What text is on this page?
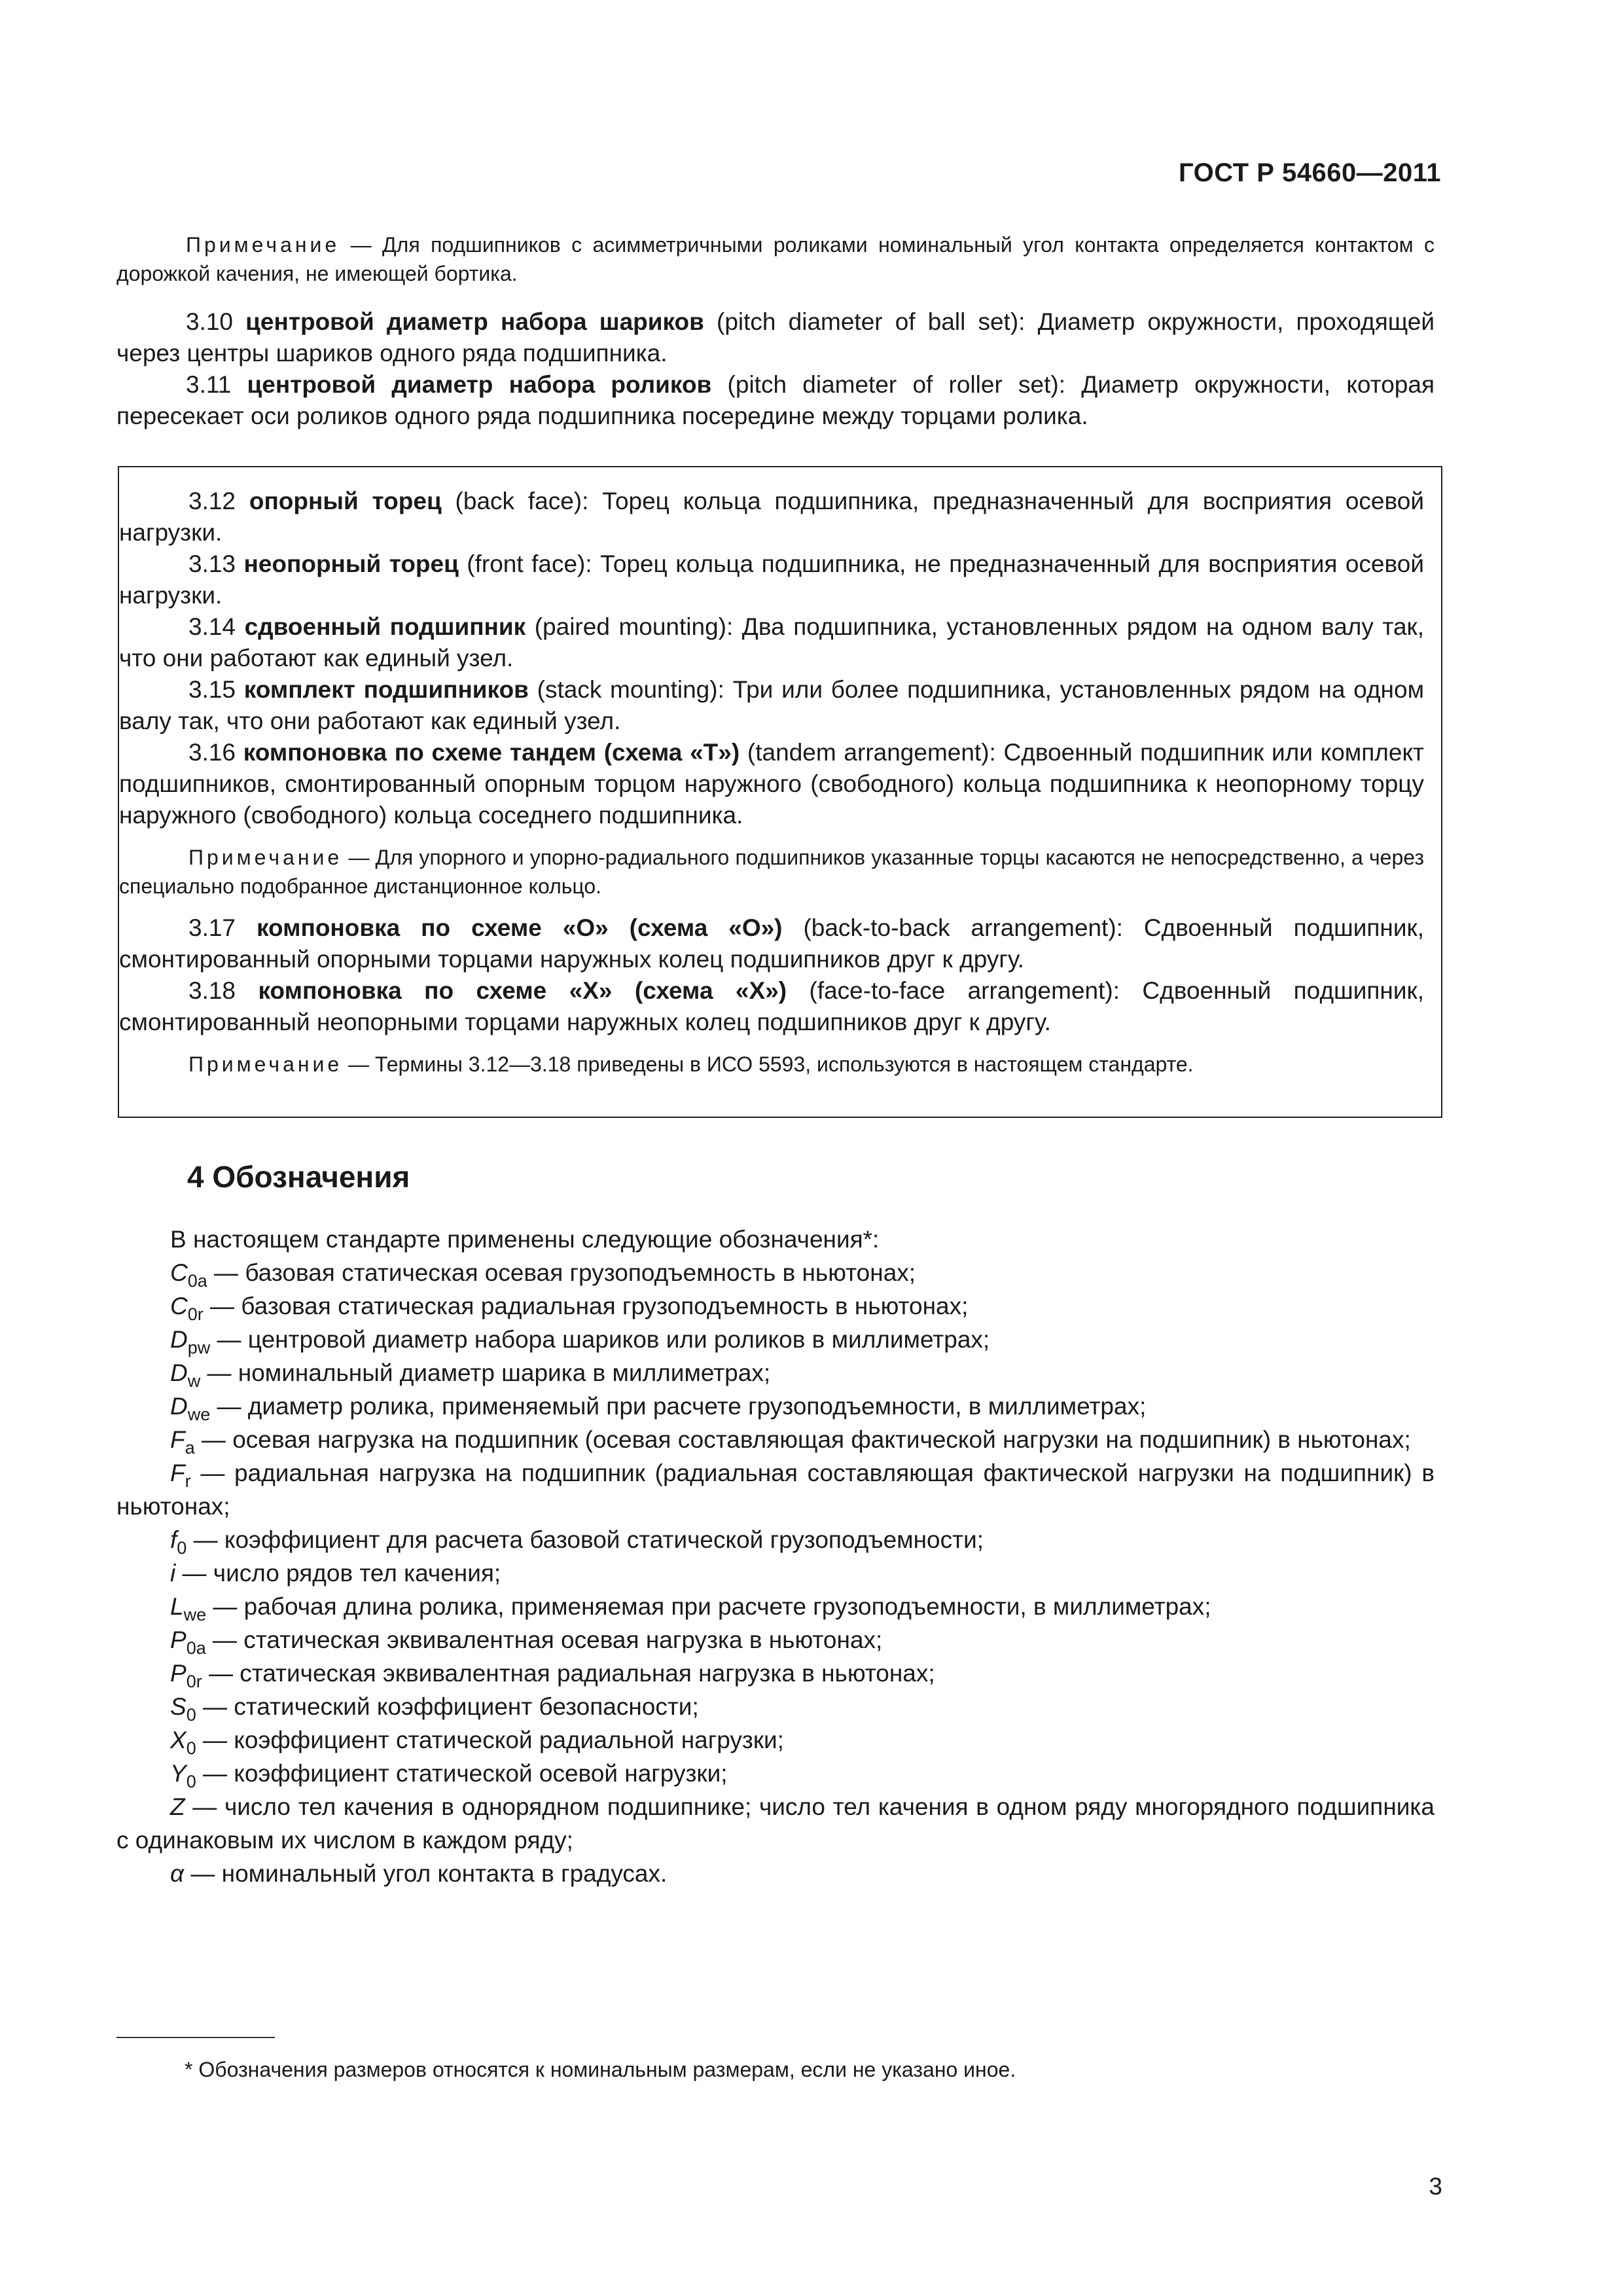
ГОСТ Р 54660—2011

Примечание — Для подшипников с асимметричными роликами номинальный угол контакта определяется контактом с дорожкой качения, не имеющей бортика.

3.10 центровой диаметр набора шариков (pitch diameter of ball set): Диаметр окружности, проходящей через центры шариков одного ряда подшипника.

3.11 центровой диаметр набора роликов (pitch diameter of roller set): Диаметр окружности, которая пересекает оси роликов одного ряда подшипника посередине между торцами ролика.

3.12 опорный торец (back face): Торец кольца подшипника, предназначенный для восприятия осевой нагрузки.

3.13 неопорный торец (front face): Торец кольца подшипника, не предназначенный для восприятия осевой нагрузки.

3.14 сдвоенный подшипник (paired mounting): Два подшипника, установленных рядом на одном валу так, что они работают как единый узел.

3.15 комплект подшипников (stack mounting): Три или более подшипника, установленных рядом на одном валу так, что они работают как единый узел.

3.16 компоновка по схеме тандем (схема «Т») (tandem arrangement): Сдвоенный подшипник или комплект подшипников, смонтированный опорным торцом наружного (свободного) кольца подшипника к неопорному торцу наружного (свободного) кольца соседнего подшипника.

Примечание — Для упорного и упорно-радиального подшипников указанные торцы касаются не непосредственно, а через специально подобранное дистанционное кольцо.

3.17 компоновка по схеме «О» (схема «О») (back-to-back arrangement): Сдвоенный подшипник, смонтированный опорными торцами наружных колец подшипников друг к другу.

3.18 компоновка по схеме «X» (схема «X») (face-to-face arrangement): Сдвоенный подшипник, смонтированный неопорными торцами наружных колец подшипников друг к другу.

Примечание — Термины 3.12—3.18 приведены в ИСО 5593, используются в настоящем стандарте.

4 Обозначения

В настоящем стандарте применены следующие обозначения*:

$C_{0a}$ — базовая статическая осевая грузоподъемность в ньютонах;

$C_{0r}$ — базовая статическая радиальная грузоподъемность в ньютонах;

$D_{pw}$ — центровой диаметр набора шариков или роликов в миллиметрах;

$D_w$ — номинальный диаметр шарика в миллиметрах;

$D_{we}$ — диаметр ролика, применяемый при расчете грузоподъемности, в миллиметрах;

$F_a$ — осевая нагрузка на подшипник (осевая составляющая фактической нагрузки на подшипник) в ньютонах;

$F_r$ — радиальная нагрузка на подшипник (радиальная составляющая фактической нагрузки на подшипник) в ньютонах;

$f_0$ — коэффициент для расчета базовой статической грузоподъемности;

i — число рядов тел качения;

$L_{we}$ — рабочая длина ролика, применяемая при расчете грузоподъемности, в миллиметрах;

$P_{0a}$ — статическая эквивалентная осевая нагрузка в ньютонах;

$P_{0r}$ — статическая эквивалентная радиальная нагрузка в ньютонах;

$S_0$ — статический коэффициент безопасности;

$X_0$ — коэффициент статической радиальной нагрузки;

$Y_0$ — коэффициент статической осевой нагрузки;

Z — число тел качения в однорядном подшипнике; число тел качения в одном ряду многорядного подшипника с одинаковым их числом в каждом ряду;

α — номинальный угол контакта в градусах.

* Обозначения размеров относятся к номинальным размерам, если не указано иное.
3
